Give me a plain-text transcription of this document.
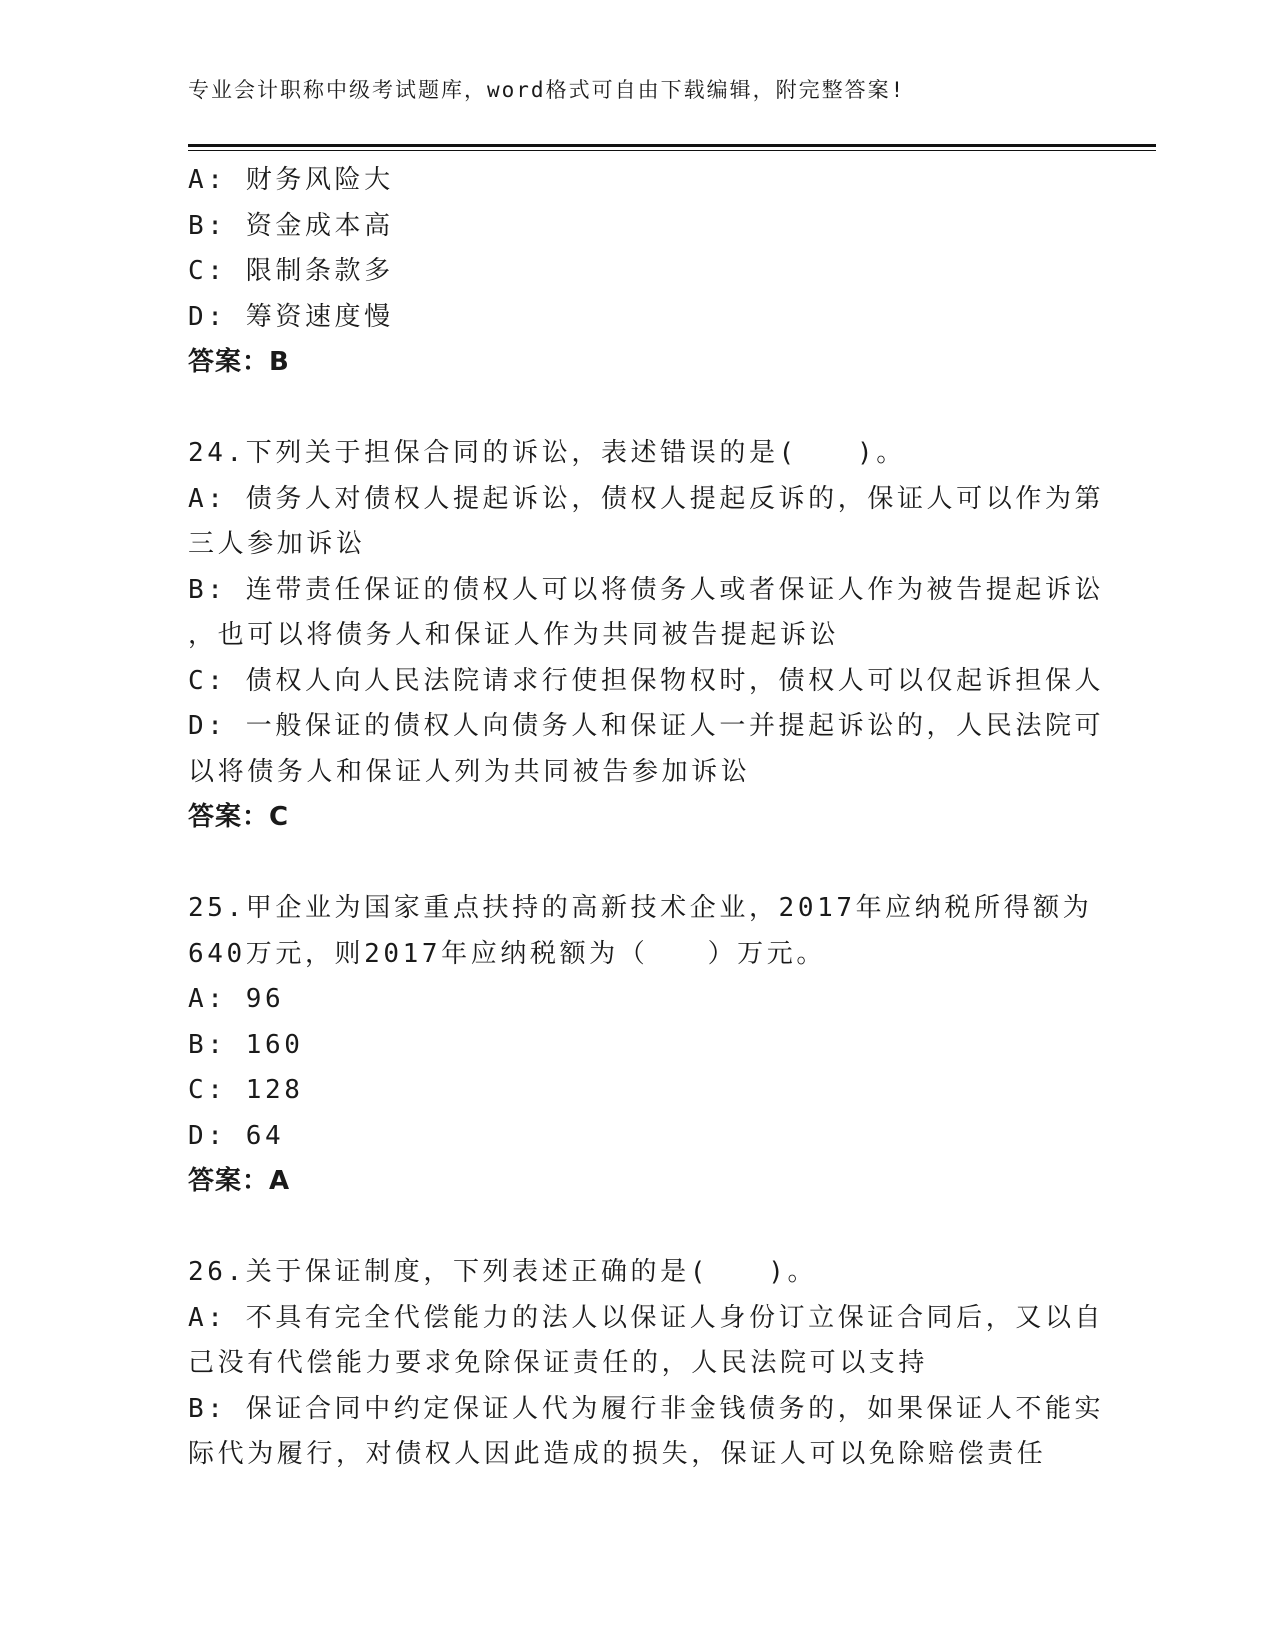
专业会计职称中级考试题库，word格式可自由下载编辑，附完整答案!
A: 财务风险大
B: 资金成本高
C: 限制条款多
D: 筹资速度慢
答案：B
24.下列关于担保合同的诉讼，表述错误的是(　　)。
A: 债务人对债权人提起诉讼，债权人提起反诉的，保证人可以作为第
三人参加诉讼
B: 连带责任保证的债权人可以将债务人或者保证人作为被告提起诉讼
，也可以将债务人和保证人作为共同被告提起诉讼
C: 债权人向人民法院请求行使担保物权时，债权人可以仅起诉担保人
D: 一般保证的债权人向债务人和保证人一并提起诉讼的，人民法院可
以将债务人和保证人列为共同被告参加诉讼
答案：C
25.甲企业为国家重点扶持的高新技术企业，2017年应纳税所得额为
640万元，则2017年应纳税额为（　　）万元。
A: 96
B: 160
C: 128
D: 64
答案：A
26.关于保证制度，下列表述正确的是(　　)。
A: 不具有完全代偿能力的法人以保证人身份订立保证合同后，又以自
己没有代偿能力要求免除保证责任的，人民法院可以支持
B: 保证合同中约定保证人代为履行非金钱债务的，如果保证人不能实
际代为履行，对债权人因此造成的损失，保证人可以免除赔偿责任
